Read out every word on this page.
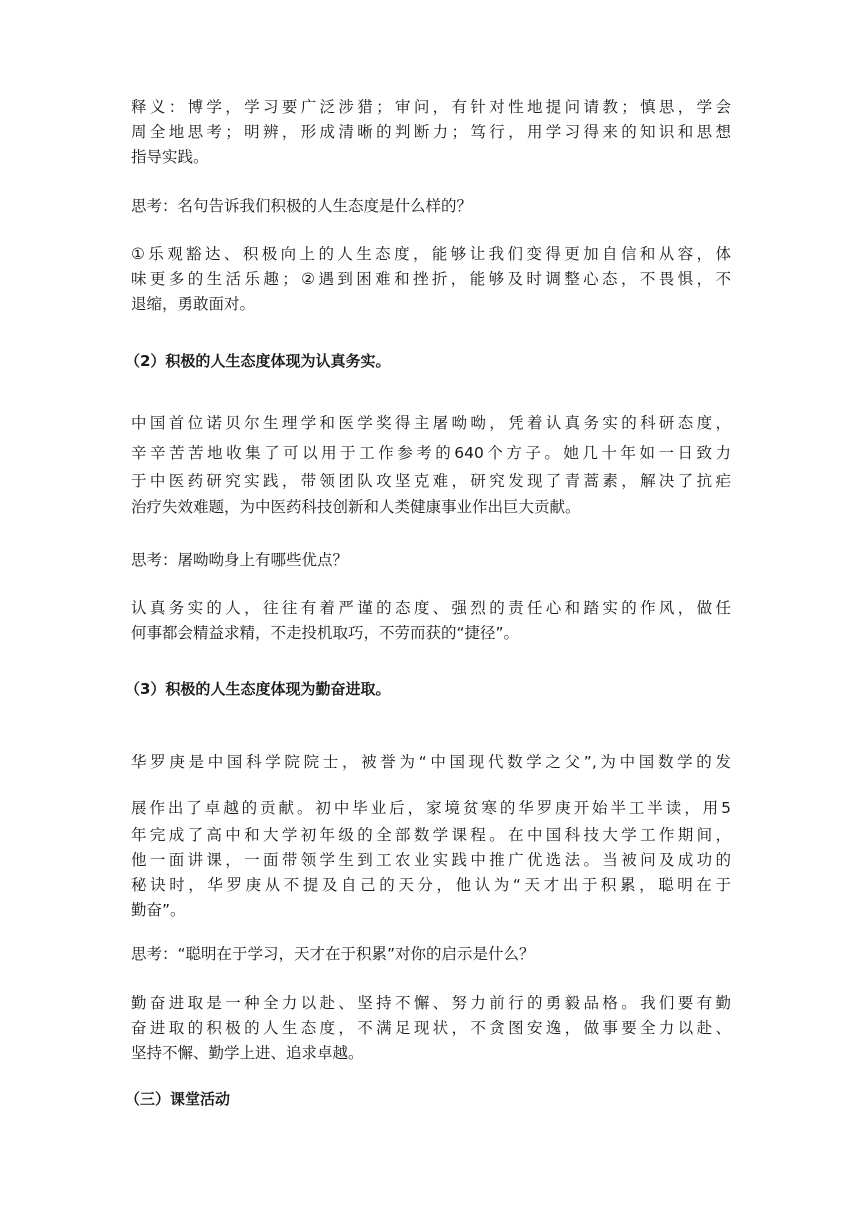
释义：博学，学习要广泛涉猎；审问，有针对性地提问请教；慎思，学会
周全地思考；明辨，形成清晰的判断力；笃行，用学习得来的知识和思想
指导实践。
思考：名句告诉我们积极的人生态度是什么样的？
①乐观豁达、积极向上的人生态度，能够让我们变得更加自信和从容，体
味更多的生活乐趣；②遇到困难和挫折，能够及时调整心态，不畏惧，不
退缩，勇敢面对。
（2）积极的人生态度体现为认真务实。
中国首位诺贝尔生理学和医学奖得主屠呦呦，凭着认真务实的科研态度，
辛辛苦苦地收集了可以用于工作参考的640个方子。她几十年如一日致力
于中医药研究实践，带领团队攻坚克难，研究发现了青蒿素，解决了抗疟
治疗失效难题，为中医药科技创新和人类健康事业作出巨大贡献。
思考：屠呦呦身上有哪些优点？
认真务实的人，往往有着严谨的态度、强烈的责任心和踏实的作风，做任
何事都会精益求精，不走投机取巧，不劳而获的“捷径”。
（3）积极的人生态度体现为勤奋进取。
华罗庚是中国科学院院士，被誉为“中国现代数学之父”,为中国数学的发
展作出了卓越的贡献。初中毕业后，家境贫寒的华罗庚开始半工半读，用5
年完成了高中和大学初年级的全部数学课程。在中国科技大学工作期间，
他一面讲课，一面带领学生到工农业实践中推广优选法。当被问及成功的
秘诀时，华罗庚从不提及自己的天分，他认为“天才出于积累，聪明在于
勤奋”。
思考：“聪明在于学习，天才在于积累”对你的启示是什么？
勤奋进取是一种全力以赴、坚持不懈、努力前行的勇毅品格。我们要有勤
奋进取的积极的人生态度，不满足现状，不贪图安逸，做事要全力以赴、
坚持不懈、勤学上进、追求卓越。
（三）课堂活动
